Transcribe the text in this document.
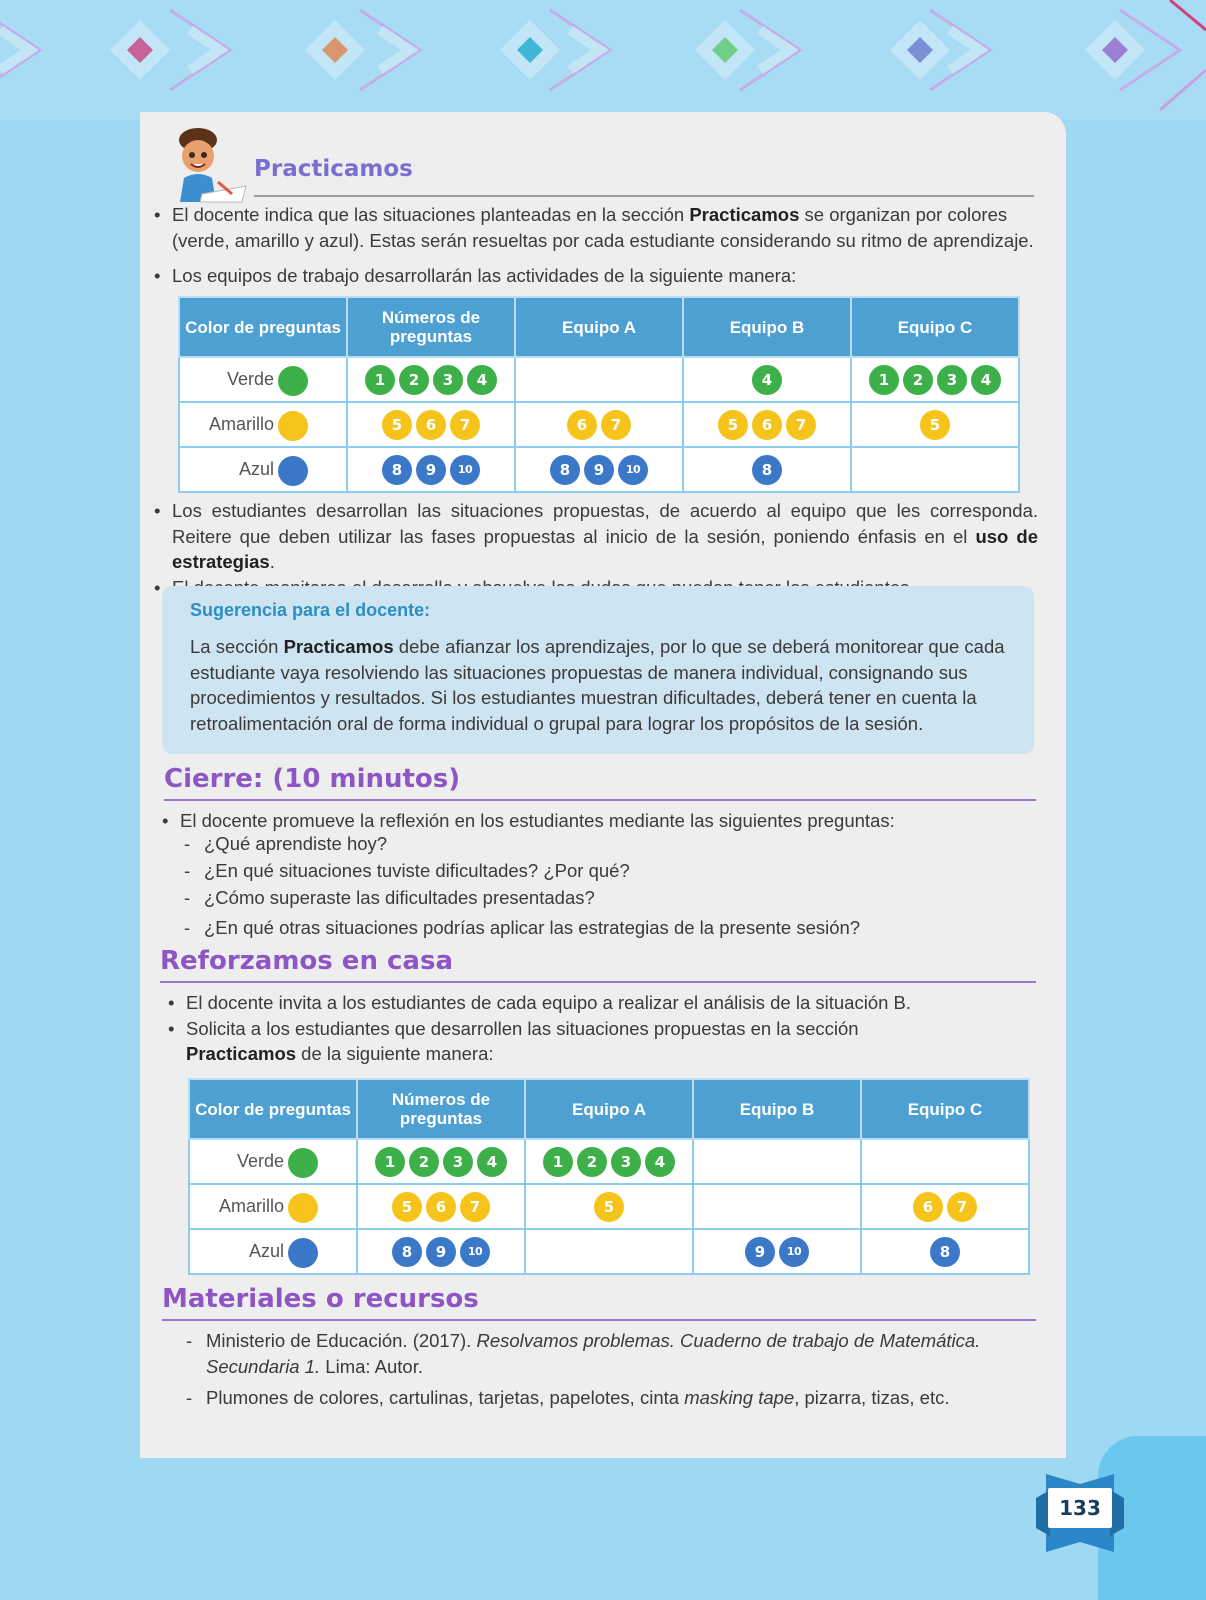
Practicamos
• El docente indica que las situaciones planteadas en la sección Practicamos se organizan por colores (verde, amarillo y azul). Estas serán resueltas por cada estudiante considerando su ritmo de aprendizaje.
• Los equipos de trabajo desarrollarán las actividades de la siguiente manera:
Color de preguntas	Números de preguntas	Equipo A	Equipo B	Equipo C
Verde	1 2 3 4		4	1 2 3 4

Amarillo	5 6 7	6 7	5 6 7	5

Azul	8 9 10	8 9 10	8	

• Los estudiantes desarrollan las situaciones propuestas, de acuerdo al equipo que les corresponda. Reitere que deben utilizar las fases propuestas al inicio de la sesión, poniendo énfasis en el uso de estrategias.
•
Sugerencia para el docente:
La sección Practicamos debe afianzar los aprendizajes, por lo que se deberá monitorear que cada estudiante vaya resolviendo las situaciones propuestas de manera individual, consignando sus procedimientos y resultados. Si los estudiantes muestran dificultades, deberá tener en cuenta la retroalimentación oral de forma individual o grupal para lograr los propósitos de la sesión.
Cierre: (10 minutos)
• El docente promueve la reflexión en los estudiantes mediante las siguientes preguntas:
- ¿Qué aprendiste hoy?
- ¿En qué situaciones tuviste dificultades? ¿Por qué?
- ¿Cómo superaste las dificultades presentadas?
- ¿En qué otras situaciones podrías aplicar las estrategias de la presente sesión?
Reforzamos en casa
• El docente invita a los estudiantes de cada equipo a realizar el análisis de la situación B.
• Solicita a los estudiantes que desarrollen las situaciones propuestas en la sección Practicamos de la siguiente manera:
Color de preguntas	Números de preguntas	Equipo A	Equipo B	Equipo C
Verde	1 2 3 4	1 2 3 4		

Amarillo	5 6 7	5		6 7

Azul	8 9 10		9 10	8
Materiales o recursos
- Ministerio de Educación. (2017). Resolvamos problemas. Cuaderno de trabajo de Matemática. Secundaria 1. Lima: Autor.
- Plumones de colores, cartulinas, tarjetas, papelotes, cinta masking tape, pizarra, tizas, etc.
133
